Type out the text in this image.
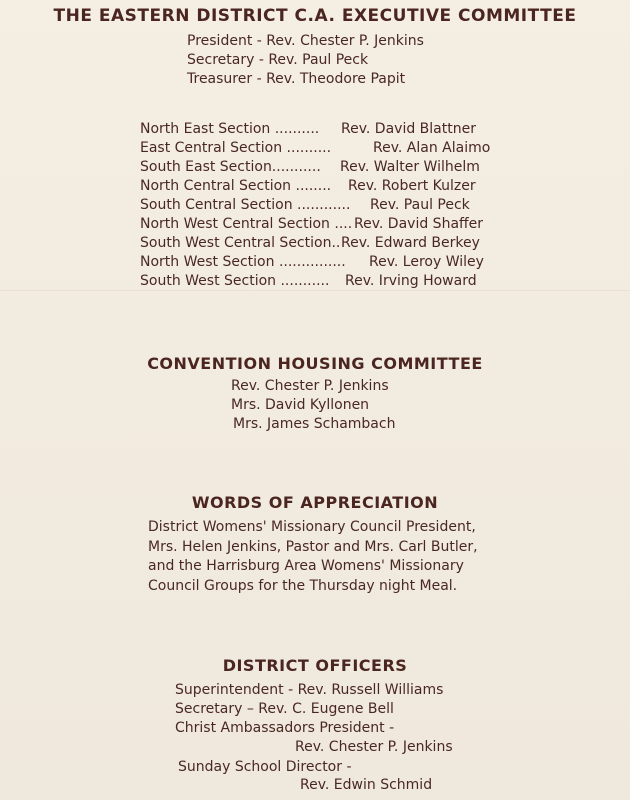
THE EASTERN DISTRICT C.A. EXECUTIVE COMMITTEE

President - Rev. Chester P. Jenkins

Secretary - Rev. Paul Peck

Treasurer - Rev. Theodore Papit

North East Section .......... Rev. David Blattner
East Central Section ..........	Rev. Alan Alaimo
South East Section........... Rev. Walter Wilhelm
North Central Section ........ Rev. Robert Kulzer
South Central Section ............ Rev. Paul Peck
North West Central Section .... Rev. David Shaffer
South West Central Section.. Rev. Edward Berkey
North West Section ............... Rev. Leroy Wiley
South West Section ........... Rev. Irving Howard
CONVENTION HOUSING COMMITTEE

Rev. Chester P. Jenkins

Mrs. David Kyllonen

Mrs. James Schambach

WORDS OF APPRECIATION

District Womens' Missionary Council President, Mrs. Helen Jenkins, Pastor and Mrs. Carl Butler, and the Harrisburg Area Womens' Missionary Council Groups for the Thursday night Meal.

DISTRICT OFFICERS

Superintendent - Rev. Russell Williams

Secretary – Rev. C. Eugene Bell

Christ Ambassadors President -

Rev. Chester P. Jenkins

Sunday School Director -

Rev. Edwin Schmid
